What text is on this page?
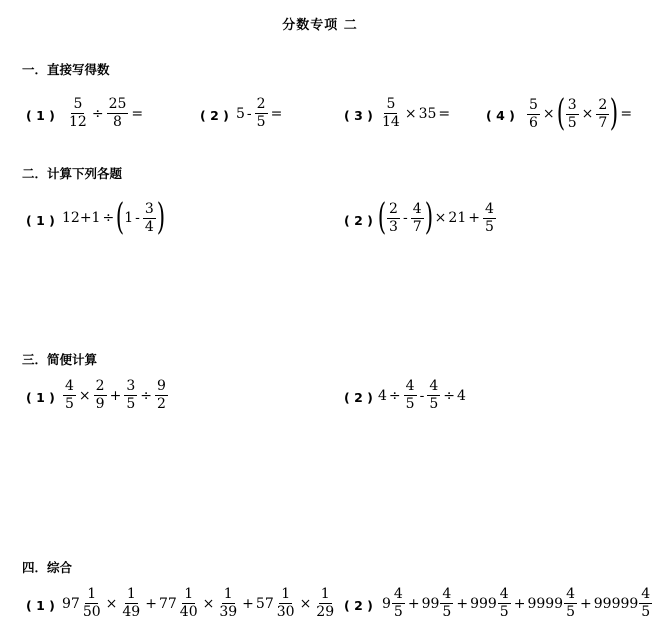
分数专项 二
一．直接写得数
( 1 ) $\frac{5}{12} \div \frac{25}{8}$ =	( 2 ) $5 - \frac{2}{5}$ =	( 3 ) $\frac{5}{14} \times 35$ =	( 4 ) $\frac{5}{6}$ × ( $\frac{3}{5} \times \frac{2}{7}$ ) =
二．计算下列各题
( 1 ) 12+1 ÷ ( $1 - \frac{3}{4}$ )	( 2 ) ( $\frac{2}{3} - \frac{4}{7}$ ) × $21 + \frac{4}{5}$
三．简便计算
( 1 ) $\frac{4}{5} \times \frac{2}{9} + \frac{3}{5} \div \frac{9}{2}$	( 2 ) $4 \div \frac{4}{5} - \frac{4}{5} \div 4$
四．综合
( 1 ) $97 \frac{1}{50} \times \frac{1}{49} + 77 \frac{1}{40} \times \frac{1}{39} + 57 \frac{1}{30} \times \frac{1}{29}$ ( 2 ) $9 \frac{4}{5} + 99 \frac{4}{5} + 999 \frac{4}{5} + 9999 \frac{4}{5} + 99999 \frac{4}{5}$
